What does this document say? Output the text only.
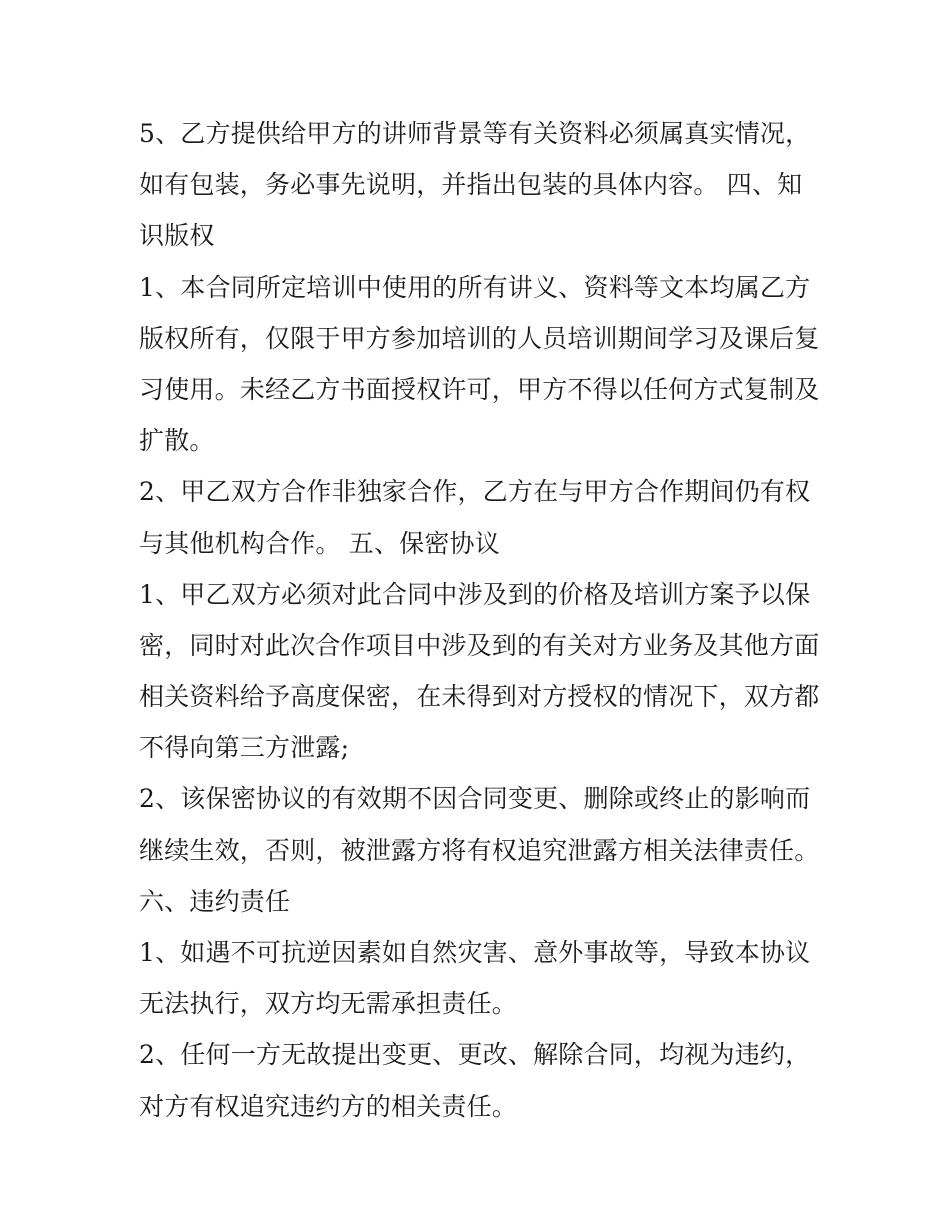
5、乙方提供给甲方的讲师背景等有关资料必须属真实情况，
如有包装，务必事先说明，并指出包装的具体内容。 四、知
识版权
1、本合同所定培训中使用的所有讲义、资料等文本均属乙方
版权所有，仅限于甲方参加培训的人员培训期间学习及课后复
习使用。未经乙方书面授权许可，甲方不得以任何方式复制及
扩散。
2、甲乙双方合作非独家合作，乙方在与甲方合作期间仍有权
与其他机构合作。 五、保密协议
1、甲乙双方必须对此合同中涉及到的价格及培训方案予以保
密，同时对此次合作项目中涉及到的有关对方业务及其他方面
相关资料给予高度保密，在未得到对方授权的情况下，双方都
不得向第三方泄露;
2、该保密协议的有效期不因合同变更、删除或终止的影响而
继续生效，否则，被泄露方将有权追究泄露方相关法律责任。
六、违约责任
1、如遇不可抗逆因素如自然灾害、意外事故等，导致本协议
无法执行，双方均无需承担责任。
2、任何一方无故提出变更、更改、解除合同，均视为违约，
对方有权追究违约方的相关责任。
